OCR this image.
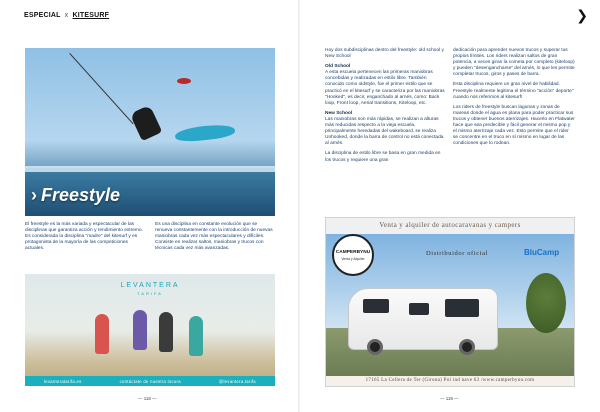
ESPECIAL x KITESURF
› Freestyle

El freestyle es la más variada y espectacular de las disciplinas que garantiza acción y rendimiento extremo. Es considerada la disciplina "madre" del kitesurf y es protagonista de la mayoría de las competiciones actuales.

Es una disciplina en constante evolución que se renueva constantemente con la introducción de nuevas maniobras cada vez más espectaculares y difíciles. Consiste en realizar saltos, maniobras y trucos con técnicas cada vez más avanzadas.

LEVANTERA
TARIFA
levanteratarifa.es	contáctate de nuestra locura	@levantera.tarifa
— 118 —
❯

Hoy dos subdisciplinas dentro del freestyle: old school y New School

Old School
A esta escuela pertenecen las primeras maniobras concebidas y realizadas en estilo libre. También conocido como oldstyle, fue el primer estilo que se practicó en el kitesurf y se caracteriza por las maniobras "Hooked", es decir, enganchado al arnés, como: Back loop, Front loop, Aerial transitions, Kiteloop, etc.

New School
Las maniobras son más rápidas, se realizan a alturas más reducidas respecto a la vieja escuela, principalmente heredadas del wakeboard, se realiza Unhooked, donde la barra de control no está conectada al arnés.

La disciplina de estilo libre se basa en gran medida en los trucos y requiere una gran

dedicación para aprender nuevos trucos y superar tus propios límites. Los riders realizan saltos de gran potencia, a veces giran la cometa por completo (kiteloop) y pueden "desengancharse" del arnés, lo que les permite completar trucos, giros y pases de barra.

Esta disciplina requiere un gran nivel de habilidad. Freestyle realmente legitima el término "acción" deporte" cuando nos referimos al kitesurf!

Los riders de freestyle buscan lagunas y zonas de mareas donde el agua es plana para poder practicar sus trucos y obtener buenos aterrizajes. Hacerlo en Flatwater hace que sea predecible y fácil generar el mismo pop y el mismo aterrizaje cada vez. Esto permite que el rider se concentre en el truco en sí mismo en lugar de las condiciones que lo rodean.

Venta y alquiler de autocaravanas y campers
CAMPERBYNU
Venta y Alquiler
Distribuidor oficial	BluCamp
17165 La Cellera de Ter (Girona) Pol ind nave 63 /www.camperbynu.com
— 119 —
